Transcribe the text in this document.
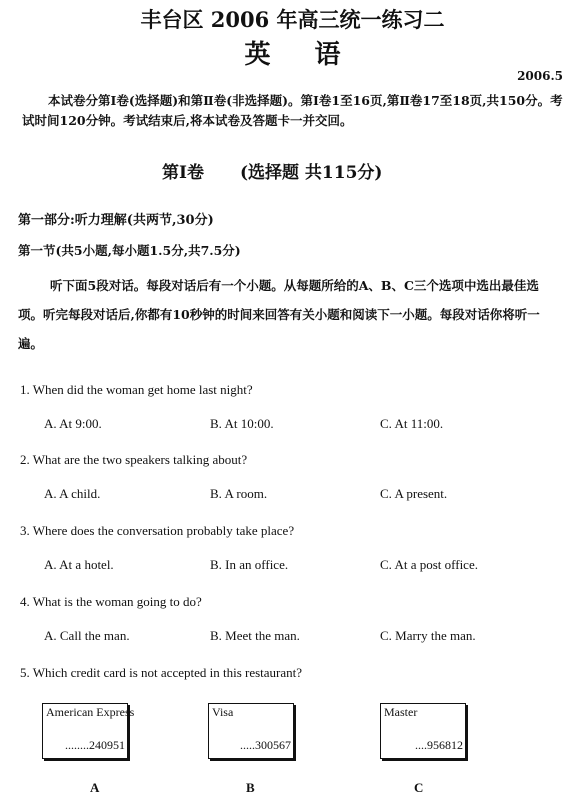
丰台区 2006 年高三统一练习二
英语
2006.5
本试卷分第Ⅰ卷(选择题)和第Ⅱ卷(非选择题)。第Ⅰ卷1至16页,第Ⅱ卷17至18页,共150分。考试时间120分钟。考试结束后,将本试卷及答题卡一并交回。
第Ⅰ卷 (选择题 共115分)
第一部分:听力理解(共两节,30分)
第一节(共5小题,每小题1.5分,共7.5分)
听下面5段对话。每段对话后有一个小题。从每题所给的A、B、C三个选项中选出最佳选项。听完每段对话后,你都有10秒钟的时间来回答有关小题和阅读下一小题。每段对话你将听一遍。
1. When did the woman get home last night?
A. At 9:00.	B. At 10:00.	C. At 11:00.
2. What are the two speakers talking about?
A. A child.	B. A room.	C. A present.
3. Where does the conversation probably take place?
A. At a hotel.	B. In an office.	C. At a post office.
4. What is the woman going to do?
A. Call the man.	B. Meet the man.	C. Marry the man.
5. Which credit card is not accepted in this restaurant?
American Express
........240951
Visa
.....300567
Master
....956812
A	B	C
